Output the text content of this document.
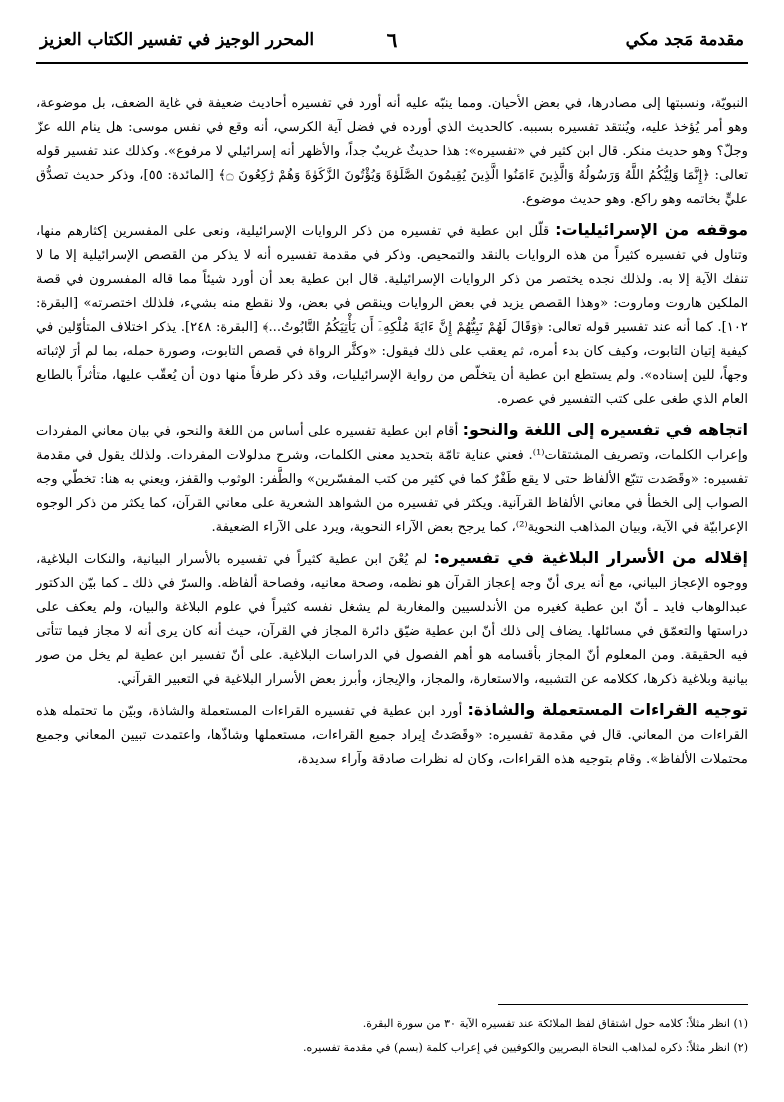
مقدمة مَجد مكي
٦
المحرر الوجيز في تفسير الكتاب العزيز

النبويّة، ونسبتها إلى مصادرها، في بعض الأحيان. ومما ينبّه عليه أنه أورد في تفسيره أحاديث ضعيفة في غاية الضعف، بل موضوعة، وهو أمر يُؤخذ عليه، ويُنتقد تفسيره بسببه. كالحديث الذي أورده في فضل آية الكرسي، أنه وقع في نفس موسى: هل ينام الله عزّ وجلّ؟ وهو حديث منكر. قال ابن كثير في «تفسيره»: هذا حديثٌ غريبٌ جداً، والأظهر أنه إسرائيلي لا مرفوع». وكذلك عند تفسير قوله تعالى: ﴿إِنَّمَا وَلِيُّكُمُ اللَّهُ وَرَسُولُهُ وَالَّذِينَ ءَامَنُوا الَّذِينَ يُقِيمُونَ الصَّلَوٰةَ وَيُؤْتُونَ الزَّكَوٰةَ وَهُمْ رَٰكِعُونَ ۝﴾ [المائدة: ٥٥]، وذكر حديث تصدُّق عليٍّ بخاتمه وهو راكع. وهو حديث موضوع.

موقفه من الإسرائيليات: قلّل ابن عطية في تفسيره من ذكر الروايات الإسرائيلية، ونعى على المفسرين إكثارهم منها، وتناول في تفسيره كثيراً من هذه الروايات بالنقد والتمحيص. وذكر في مقدمة تفسيره أنه لا يذكر من القصص الإسرائيلية إلا ما لا تنفك الآية إلا به. ولذلك نجده يختصر من ذكر الروايات الإسرائيلية. قال ابن عطية بعد أن أورد شيئاً مما قاله المفسرون في قصة الملكين هاروت وماروت: «وهذا القصص يزيد في بعض الروايات وينقص في بعض، ولا نقطع منه بشيء، فلذلك اختصرته» [البقرة: ١٠٢]. كما أنه عند تفسير قوله تعالى: ﴿وَقَالَ لَهُمْ نَبِيُّهُمْ إِنَّ ءَايَةَ مُلْكِهِۦٓ أَن يَأْتِيَكُمُ التَّابُوتُ...﴾ [البقرة: ٢٤٨]. يذكر اختلاف المتأوّلين في كيفية إتيان التابوت، وكيف كان بدء أمره، ثم يعقب على ذلك فيقول: «وكثَّر الرواة في قصص التابوت، وصورة حمله، بما لم أرَ لإثباته وجهاً، للين إسناده». ولم يستطع ابن عطية أن يتخلّص من رواية الإسرائيليات، وقد ذكر طرفاً منها دون أن يُعقّب عليها، متأثراً بالطابع العام الذي طغى على كتب التفسير في عصره.

اتجاهه في تفسيره إلى اللغة والنحو: أقام ابن عطية تفسيره على أساس من اللغة والنحو، في بيان معاني المفردات وإعراب الكلمات، وتصريف المشتقات⁽¹⁾. فعني عناية تامّة بتحديد معنى الكلمات، وشرح مدلولات المفردات. ولذلك يقول في مقدمة تفسيره: «وقَصَدت تتبّع الألفاظ حتى لا يقع طَفْرٌ كما في كثير من كتب المفسّرين» والطَّفر: الوثوب والقفز، ويعني به هنا: تخطّي وجه الصواب إلى الخطأ في معاني الألفاظ القرآنية. ويكثر في تفسيره من الشواهد الشعرية على معاني القرآن، كما يكثر من ذكر الوجوه الإعرابيّة في الآية، وبيان المذاهب النحوية⁽²⁾، كما يرجح بعض الآراء النحوية، ويرد على الآراء الضعيفة.

إقلاله من الأسرار البلاغية في تفسيره: لم يُعْنَ ابن عطية كثيراً في تفسيره بالأسرار البيانية، والنكات البلاغية، ووجوه الإعجاز البياني، مع أنه يرى أنّ وجه إعجاز القرآن هو نظمه، وصحة معانيه، وفصاحة ألفاظه. والسرّ في ذلك ـ كما بيّن الدكتور عبدالوهاب فايد ـ أنّ ابن عطية كغيره من الأندلسيين والمغاربة لم يشغل نفسه كثيراً في علوم البلاغة والبيان، ولم يعكف على دراستها والتعمّق في مسائلها. يضاف إلى ذلك أنّ ابن عطية ضيّق دائرة المجاز في القرآن، حيث أنه كان يرى أنه لا مجاز فيما تتأتى فيه الحقيقة. ومن المعلوم أنّ المجاز بأقسامه هو أهم الفصول في الدراسات البلاغية. على أنّ تفسير ابن عطية لم يخل من صور بيانية وبلاغية ذكرها، ككلامه عن التشبيه، والاستعارة، والمجاز، والإيجاز، وأبرز بعض الأسرار البلاغية في التعبير القرآني.

توجيه القراءات المستعملة والشاذة: أورد ابن عطية في تفسيره القراءات المستعملة والشاذة، وبيّن ما تحتمله هذه القراءات من المعاني. قال في مقدمة تفسيره: «وقَصَدتُ إيراد جميع القراءات، مستعملها وشاذّها، واعتمدت تبيين المعاني وجميع محتملات الألفاظ». وقام بتوجيه هذه القراءات، وكان له نظرات صادقة وآراء سديدة،

(١) انظر مثلاً: كلامه حول اشتقاق لفظ الملائكة عند تفسيره الآية ٣٠ من سورة البقرة.
(٢) انظر مثلاً: ذكره لمذاهب النحاة البصريين والكوفيين في إعراب كلمة (بسم) في مقدمة تفسيره.
